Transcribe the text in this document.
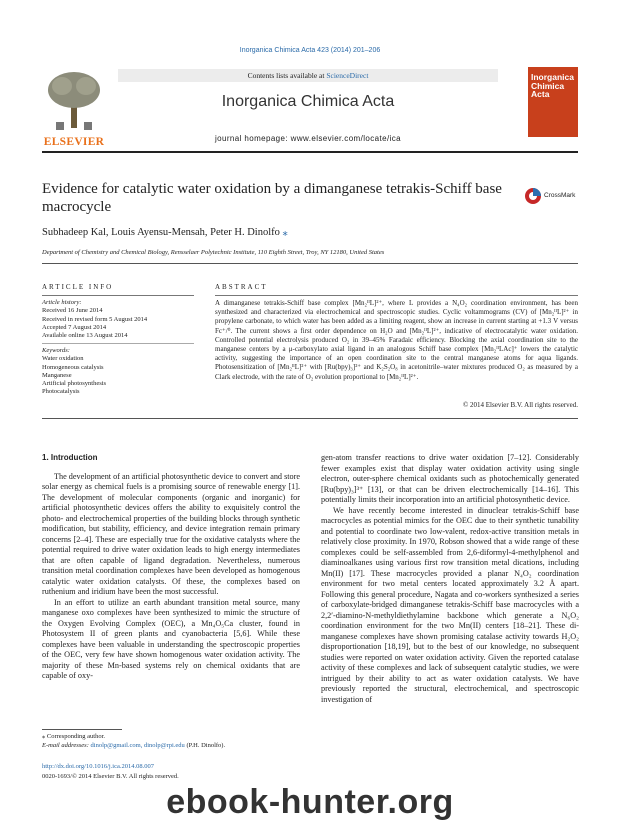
Inorganica Chimica Acta 423 (2014) 201–206
ELSEVIER
Contents lists available at ScienceDirect
Inorganica Chimica Acta
journal homepage: www.elsevier.com/locate/ica
Inorganica Chimica Acta
Evidence for catalytic water oxidation by a dimanganese tetrakis-Schiff base macrocycle
CrossMark
Subhadeep Kal, Louis Ayensu-Mensah, Peter H. Dinolfo ⁎
Department of Chemistry and Chemical Biology, Rensselaer Polytechnic Institute, 110 Eighth Street, Troy, NY 12180, United States
ARTICLE INFO	ABSTRACT
Article history:
Received 16 June 2014
Received in revised form 5 August 2014
Accepted 7 August 2014
Available online 13 August 2014
Keywords:
Water oxidation
Homogeneous catalysis
Manganese
Artificial photosynthesis
Photocatalysis
A dimanganese tetrakis-Schiff base complex [Mn₂ᴵᴵL]²⁺, where L provides a N₄O₂ coordination environment, has been synthesized and characterized via electrochemical and spectroscopic studies. Cyclic voltammograms (CV) of [Mn₂ᴵᴵL]²⁺ in propylene carbonate, to which water has been added as a limiting reagent, show an increase in current starting at +1.3 V versus Fc⁺/⁰. The current shows a first order dependence on H₂O and [Mn₂ᴵᴵL]²⁺, indicative of electrocatalytic water oxidation. Controlled potential electrolysis produced O₂ in 39–45% Faradaic efficiency. Blocking the axial coordination site to the manganese centers by a μ-carboxylato axial ligand in an analogous Schiff base complex [Mn₂ᴵᴵLAc]⁺ lowers the catalytic activity, suggesting the importance of an open coordination site to the central manganese atoms for aqua ligands. Photosensitization of [Mn₂ᴵᴵL]²⁺ with [Ru(bpy)₃]²⁺ and K₂S₂O₈ in acetonitrile–water mixtures produced O₂ as measured by a Clark electrode, with the rate of O₂ evolution proportional to [Mn₂ᴵᴵL]²⁺.
© 2014 Elsevier B.V. All rights reserved.
1. Introduction

The development of an artificial photosynthetic device to convert and store solar energy as chemical fuels is a promising source of renewable energy [1]. The development of molecular components (organic and inorganic) for artificial photosynthetic devices offers the ability to exquisitely control the photo- and electrochemical properties of the building blocks through synthetic modification, but stability, efficiency, and device integration remain primary concerns [2–4]. These are especially true for the oxidative catalysts where the potential required to drive water oxidation leads to high energy intermediates that are often capable of ligand degradation. Nevertheless, numerous transition metal coordination complexes have been developed as homogenous catalytic water oxidation catalysts. Of these, the complexes based on ruthenium and iridium have been the most successful.

In an effort to utilize an earth abundant transition metal source, many manganese oxo complexes have been synthesized to mimic the structure of the Oxygen Evolving Complex (OEC), a Mn₄O₅Ca cluster, found in Photosystem II of green plants and cyanobacteria [5,6]. While these complexes have been valuable in understanding the spectroscopic properties of the OEC, very few have shown homogenous water oxidation activity. The majority of these Mn-based systems rely on chemical oxidants that are capable of oxy-

gen-atom transfer reactions to drive water oxidation [7–12]. Considerably fewer examples exist that display water oxidation activity using single electron, outer-sphere chemical oxidants such as photochemically generated [Ru(bpy)₃]³⁺ [13], or that can be driven electrochemically [14–16]. This potentially limits their incorporation into an artificial photosynthetic device.

We have recently become interested in dinuclear tetrakis-Schiff base macrocycles as potential mimics for the OEC due to their synthetic tunability and potential to coordinate two low-valent, redox-active transition metals in relatively close proximity. In 1970, Robson showed that a wide range of these complexes could be self-assembled from 2,6-diformyl-4-methylphenol and diaminoalkanes using various first row transition metal dications, including Mn(II) [17]. These macrocycles provided a planar N₄O₂ coordination environment for two metal centers located approximately 3.2 Å apart. Following this general procedure, Nagata and co-workers synthesized a series of carboxylate-bridged dimanganese tetrakis-Schiff base macrocycles with a 2,2′-diamino-N-methyldiethylamine backbone which generate a N₆O₂ coordination environment for the two Mn(II) centers [18–21]. These di-manganese complexes have shown promising catalase activity towards H₂O₂ disproportionation [18,19], but to the best of our knowledge, no subsequent studies were reported on water oxidation activity. Given the reported catalase activity of these complexes and lack of subsequent catalytic studies, we were intrigued by their ability to act as water oxidation catalysts. We have previously reported the structural, electrochemical, and spectroscopic investigation of

⁎ Corresponding author.
E-mail addresses: dinolp@gmail.com, dinolp@rpi.edu (P.H. Dinolfo).
http://dx.doi.org/10.1016/j.ica.2014.08.007
0020-1693/© 2014 Elsevier B.V. All rights reserved.
ebook-hunter.org
